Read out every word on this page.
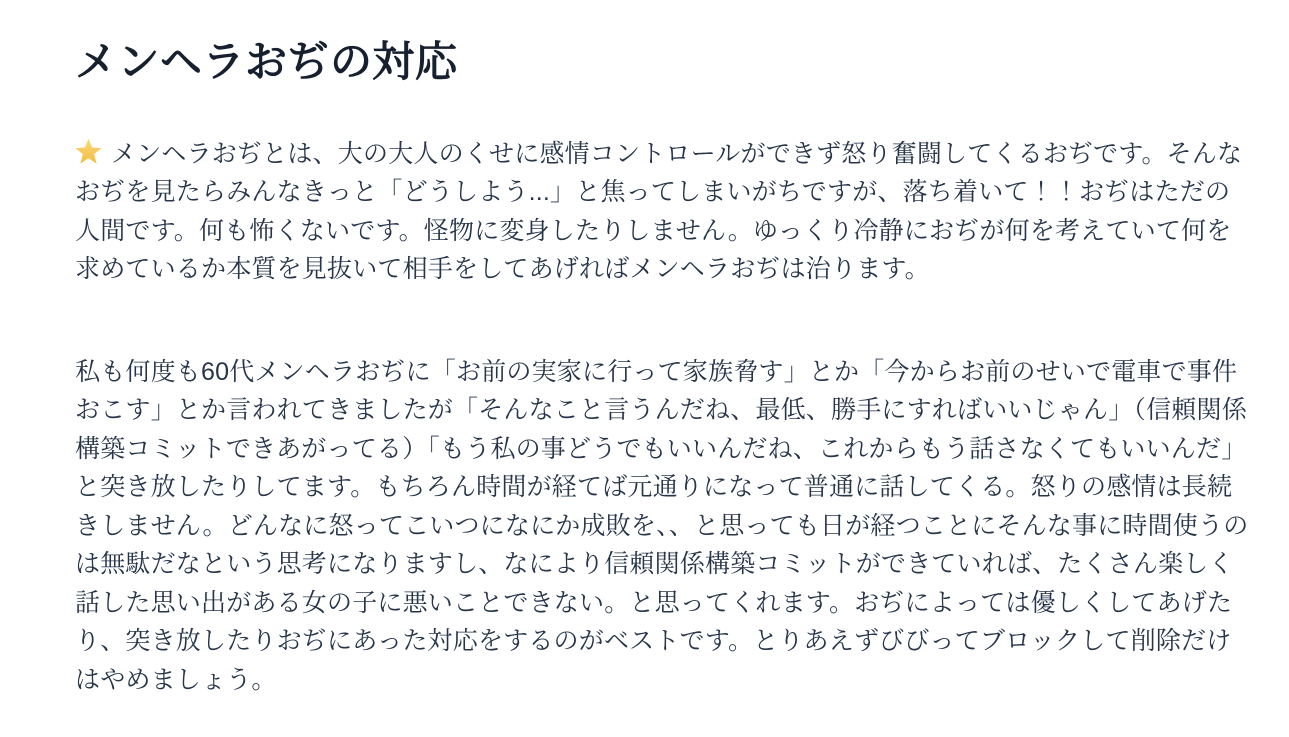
メンヘラおぢの対応
メンヘラおぢとは、大の大人のくせに感情コントロールができず怒り奮闘してくるおぢです。そんなおぢを見たらみんなきっと「どうしよう...」と焦ってしまいがちですが、落ち着いて！！おぢはただの人間です。何も怖くないです。怪物に変身したりしません。ゆっくり冷静におぢが何を考えていて何を求めているか本質を見抜いて相手をしてあげればメンヘラおぢは治ります。
私も何度も60代メンヘラおぢに「お前の実家に行って家族脅す」とか「今からお前のせいで電車で事件おこす」とか言われてきましたが「そんなこと言うんだね、最低、勝手にすればいいじゃん」（信頼関係構築コミットできあがってる）「もう私の事どうでもいいんだね、これからもう話さなくてもいいんだ」と突き放したりしてます。もちろん時間が経てば元通りになって普通に話してくる。怒りの感情は長続きしません。どんなに怒ってこいつになにか成敗を、、と思っても日が経つことにそんな事に時間使うのは無駄だなという思考になりますし、なにより信頼関係構築コミットができていれば、たくさん楽しく話した思い出がある女の子に悪いことできない。と思ってくれます。おぢによっては優しくしてあげたり、突き放したりおぢにあった対応をするのがベストです。とりあえずびびってブロックして削除だけはやめましょう。
